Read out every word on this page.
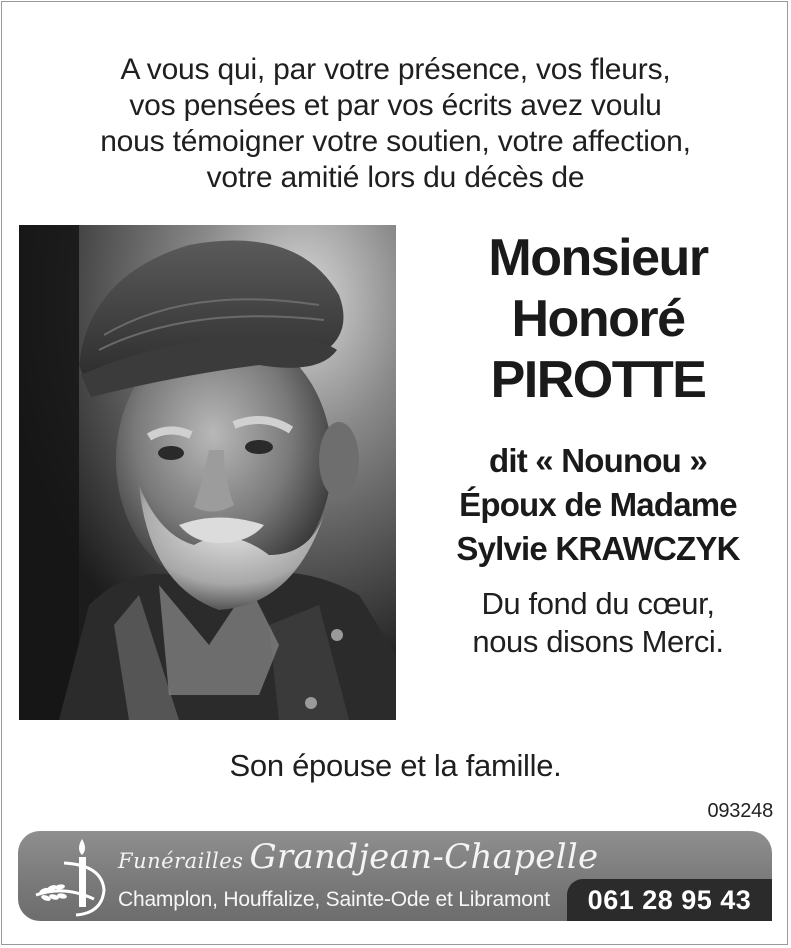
A vous qui, par votre présence, vos fleurs,
vos pensées et par vos écrits avez voulu
nous témoigner votre soutien, votre affection,
votre amitié lors du décès de
Monsieur
Honoré
PIROTTE
dit « Nounou »
Époux de Madame
Sylvie KRAWCZYK
Du fond du cœur,
nous disons Merci.
Son épouse et la famille.
093248
Funérailles Grandjean-Chapelle
Champlon, Houffalize, Sainte-Ode et Libramont	061 28 95 43
